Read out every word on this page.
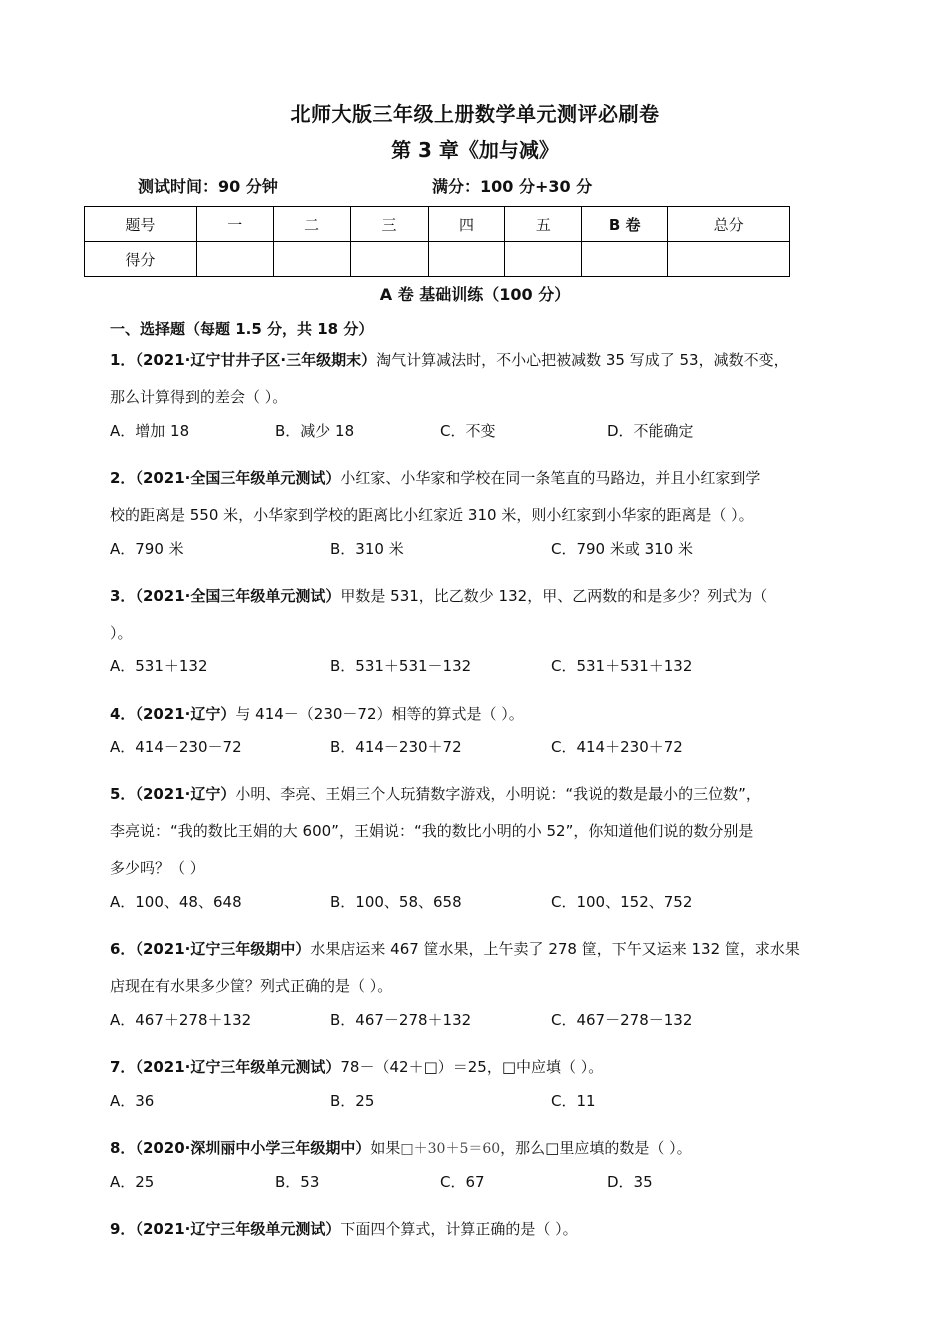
北师大版三年级上册数学单元测评必刷卷
第 3 章《加与减》
测试时间：90 分钟	满分：100 分+30 分
题号	一	二	三	四	五	B 卷	总分
得分							
A 卷 基础训练（100 分）
一、选择题（每题 1.5 分，共 18 分）
1．（2021·辽宁甘井子区·三年级期末）淘气计算减法时，不小心把被减数 35 写成了 53，减数不变，
那么计算得到的差会（ ）。
A．增加 18	B．减少 18	C．不变	D．不能确定
2．（2021·全国三年级单元测试）小红家、小华家和学校在同一条笔直的马路边，并且小红家到学
校的距离是 550 米，小华家到学校的距离比小红家近 310 米，则小红家到小华家的距离是（ ）。
A．790 米	B．310 米	C．790 米或 310 米
3．（2021·全国三年级单元测试）甲数是 531，比乙数少 132，甲、乙两数的和是多少？列式为（
）。
A．531＋132	B．531＋531－132	C．531＋531＋132
4．（2021·辽宁）与 414－（230－72）相等的算式是（ ）。
A．414－230－72	B．414－230＋72	C．414＋230＋72
5．（2021·辽宁）小明、李亮、王娟三个人玩猜数字游戏，小明说：“我说的数是最小的三位数”，
李亮说：“我的数比王娟的大 600”，王娟说：“我的数比小明的小 52”，你知道他们说的数分别是
多少吗？（ ）
A．100、48、648	B．100、58、658	C．100、152、752
6．（2021·辽宁三年级期中）水果店运来 467 筐水果，上午卖了 278 筐，下午又运来 132 筐，求水果
店现在有水果多少筐？列式正确的是（ ）。
A．467＋278＋132	B．467－278＋132	C．467－278－132
7．（2021·辽宁三年级单元测试）78－（42＋□）＝25，□中应填（ ）。
A．36	B．25	C．11
8．（2020·深圳丽中小学三年级期中）如果□＋30＋5＝60，那么□里应填的数是（ ）。
A．25	B．53	C．67	D．35
9．（2021·辽宁三年级单元测试）下面四个算式，计算正确的是（ ）。
